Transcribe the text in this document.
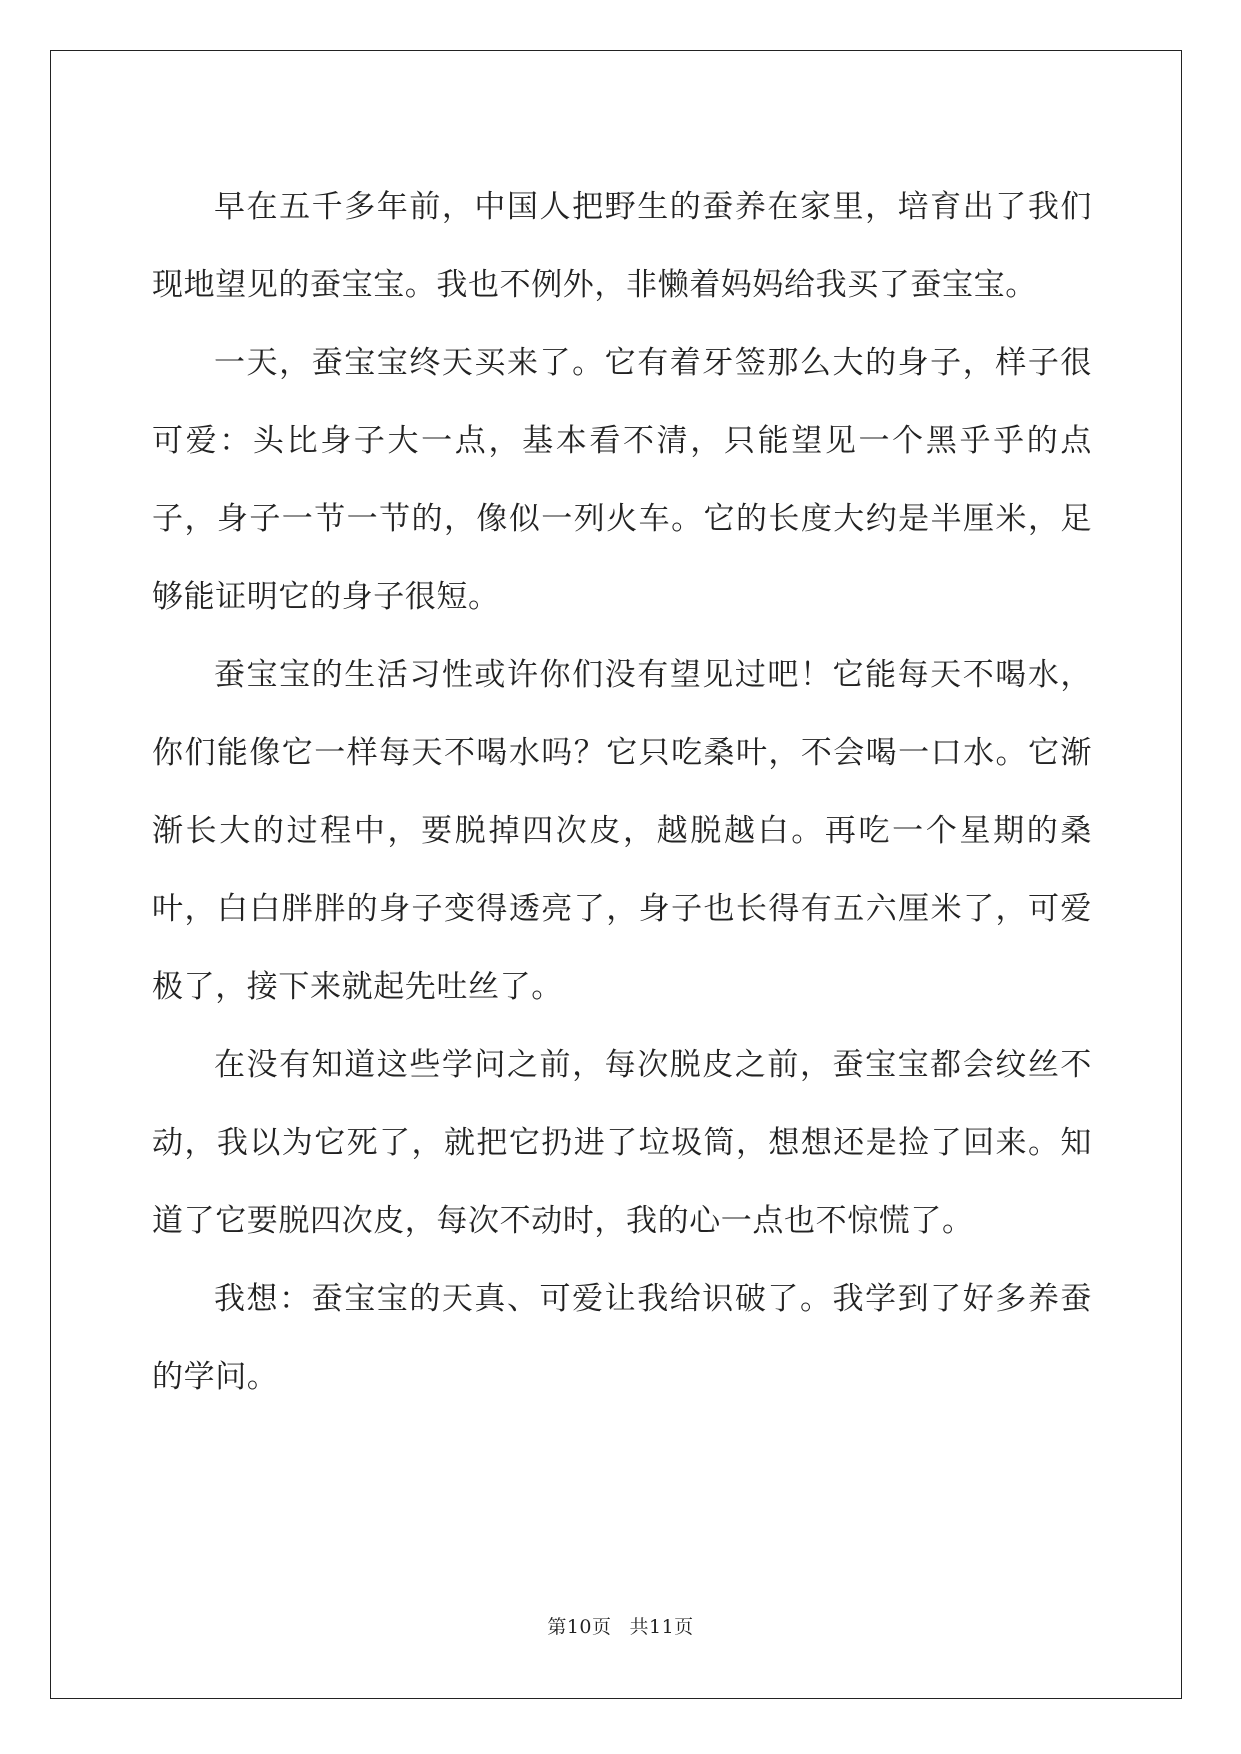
早在五千多年前，中国人把野生的蚕养在家里，培育出了我们现地望见的蚕宝宝。我也不例外，非懒着妈妈给我买了蚕宝宝。

一天，蚕宝宝终天买来了。它有着牙签那么大的身子，样子很可爱：头比身子大一点，基本看不清，只能望见一个黑乎乎的点子，身子一节一节的，像似一列火车。它的长度大约是半厘米，足够能证明它的身子很短。

蚕宝宝的生活习性或许你们没有望见过吧！它能每天不喝水，你们能像它一样每天不喝水吗？它只吃桑叶，不会喝一口水。它渐渐长大的过程中，要脱掉四次皮，越脱越白。再吃一个星期的桑叶，白白胖胖的身子变得透亮了，身子也长得有五六厘米了，可爱极了，接下来就起先吐丝了。

在没有知道这些学问之前，每次脱皮之前，蚕宝宝都会纹丝不动，我以为它死了，就把它扔进了垃圾筒，想想还是捡了回来。知道了它要脱四次皮，每次不动时，我的心一点也不惊慌了。

我想：蚕宝宝的天真、可爱让我给识破了。我学到了好多养蚕的学问。

第10页 共11页
